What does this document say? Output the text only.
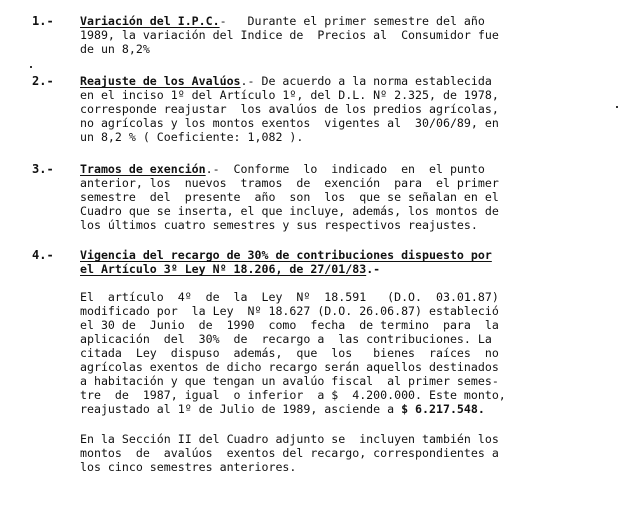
1.- Variación del I.P.C.-   Durante el primer semestre del año
1989, la variación del Indice de  Precios al  Consumidor fue
de un 8,2%
2.- Reajuste de los Avalúos.- De acuerdo a la norma establecida
en el inciso 1º del Artículo 1º, del D.L. Nº 2.325, de 1978,
corresponde reajustar  los avalúos de los predios agrícolas,
no agrícolas y los montos exentos  vigentes al  30/06/89, en
un 8,2 % ( Coeficiente: 1,082 ).
3.- Tramos de exención.-  Conforme  lo  indicado  en  el punto
anterior, los  nuevos  tramos  de  exención  para  el primer
semestre  del  presente  año  son  los  que se señalan en el
Cuadro que se inserta, el que incluye, además, los montos de
los últimos cuatro semestres y sus respectivos reajustes.
4.- Vigencia del recargo de 30% de contribuciones dispuesto por
el Artículo 3º Ley Nº 18.206, de 27/01/83.-
El  artículo  4º  de  la  Ley  Nº  18.591   (D.O.  03.01.87)
modificado por  la Ley  Nº 18.627 (D.O. 26.06.87) estableció
el 30 de  Junio  de  1990  como  fecha  de termino  para  la
aplicación  del  30%  de  recargo a  las contribuciones. La
citada  Ley  dispuso  además,  que  los   bienes  raíces  no
agrícolas exentos de dicho recargo serán aquellos destinados
a habitación y que tengan un avalúo fiscal  al primer semes-
tre  de  1987, igual  o inferior  a $  4.200.000. Este monto,
reajustado al 1º de Julio de 1989, asciende a $ 6.217.548.
En la Sección II del Cuadro adjunto se  incluyen también los
montos  de  avalúos  exentos del recargo, correspondientes a
los cinco semestres anteriores.
